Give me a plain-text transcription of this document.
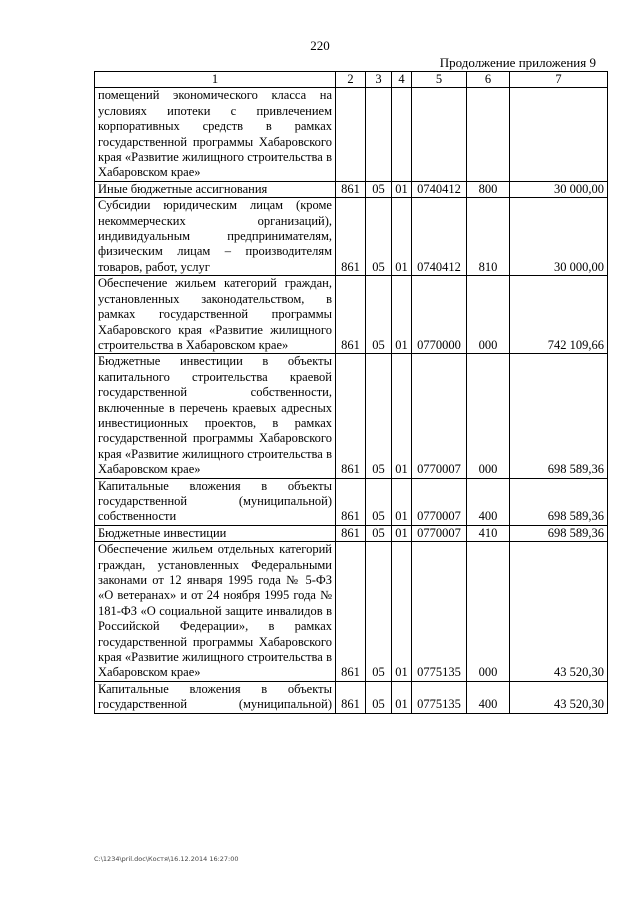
220
Продолжение приложения 9
1	2	3	4	5	6	7
помещений экономического класса на условиях ипотеки с привлечением корпоративных средств в рамках государственной программы Хабаровского края «Развитие жилищного строительства в Хабаровском крае»						
Иные бюджетные ассигнования	861	05	01	0740412	800	30 000,00
Субсидии юридическим лицам (кроме некоммерческих организаций), индивидуальным предпринимателям, физическим лицам – производителям товаров, работ, услуг	861	05	01	0740412	810	30 000,00
Обеспечение жильем категорий граждан, установленных законодательством, в рамках государственной программы Хабаровского края «Развитие жилищного строительства в Хабаровском крае»	861	05	01	0770000	000	742 109,66
Бюджетные инвестиции в объекты капитального строительства краевой государственной собственности, включенные в перечень краевых адресных инвестиционных проектов, в рамках государственной программы Хабаровского края «Развитие жилищного строительства в Хабаровском крае»	861	05	01	0770007	000	698 589,36
Капитальные вложения в объекты государственной (муниципальной) собственности	861	05	01	0770007	400	698 589,36
Бюджетные инвестиции	861	05	01	0770007	410	698 589,36
Обеспечение жильем отдельных категорий граждан, установленных Федеральными законами от 12 января 1995 года № 5-ФЗ «О ветеранах» и от 24 ноября 1995 года № 181-ФЗ «О социальной защите инвалидов в Российской Федерации», в рамках государственной программы Хабаровского края «Развитие жилищного строительства в Хабаровском крае»	861	05	01	0775135	000	43 520,30
Капитальные вложения в объекты государственной (муниципальной)	861	05	01	0775135	400	43 520,30
C:\1234\pril.doc\Костя\16.12.2014 16:27:00
